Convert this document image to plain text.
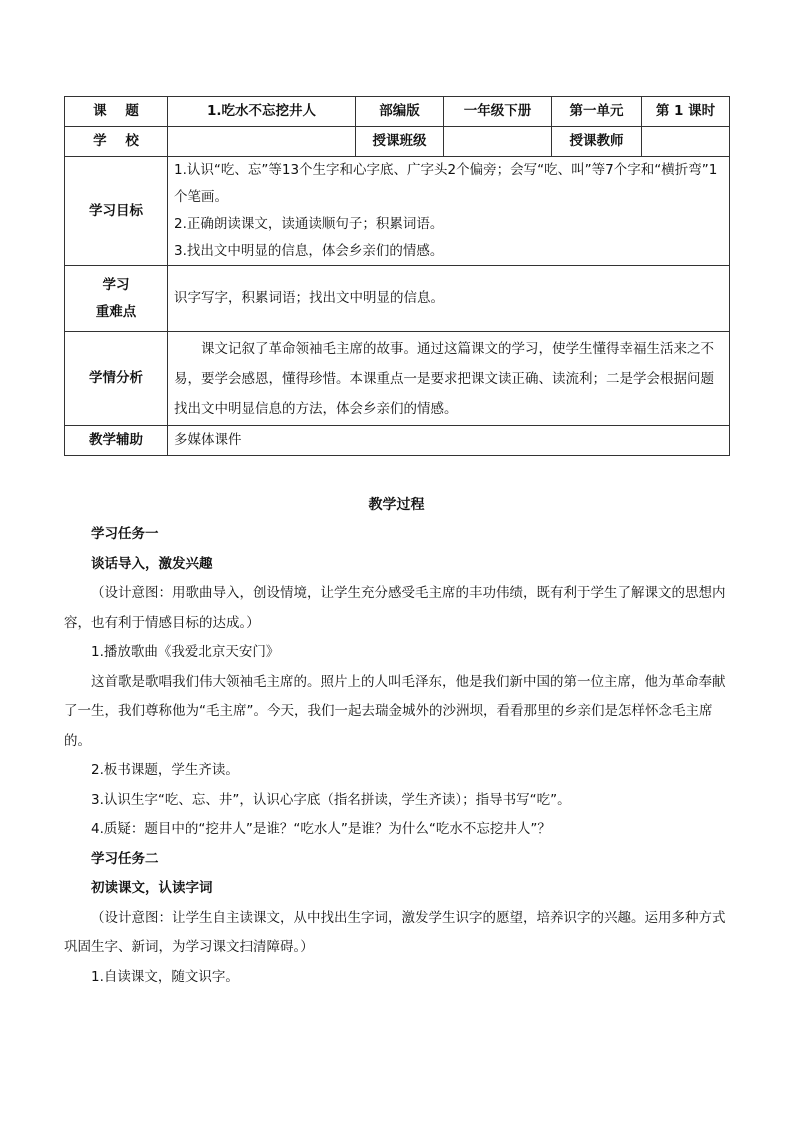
课    题	1.吃水不忘挖井人	部编版	一年级下册	第一单元	第 1 课时
学    校		授课班级		授课教师	
学习目标	1.认识“吃、忘”等13个生字和心字底、广字头2个偏旁；会写“吃、叫”等7个字和“横折弯”1个笔画。
2.正确朗读课文，读通读顺句子；积累词语。
3.找出文中明显的信息，体会乡亲们的情感。				

学习
重难点	识字写字，积累词语；找出文中明显的信息。				
学情分析	课文记叙了革命领袖毛主席的故事。通过这篇课文的学习，使学生懂得幸福生活来之不易，要学会感恩，懂得珍惜。本课重点一是要求把课文读正确、读流利；二是学会根据问题找出文中明显信息的方法，体会乡亲们的情感。				
教学辅助	多媒体课件				
教学过程

学习任务一

谈话导入，激发兴趣

（设计意图：用歌曲导入，创设情境，让学生充分感受毛主席的丰功伟绩，既有利于学生了解课文的思想内容，也有利于情感目标的达成。）

1.播放歌曲《我爱北京天安门》

这首歌是歌唱我们伟大领袖毛主席的。照片上的人叫毛泽东，他是我们新中国的第一位主席，他为革命奉献了一生，我们尊称他为“毛主席”。今天，我们一起去瑞金城外的沙洲坝，看看那里的乡亲们是怎样怀念毛主席的。

2.板书课题，学生齐读。

3.认识生字“吃、忘、井”，认识心字底（指名拼读，学生齐读）；指导书写“吃”。

4.质疑：题目中的“挖井人”是谁？“吃水人”是谁？为什么“吃水不忘挖井人”？

学习任务二

初读课文，认读字词

（设计意图：让学生自主读课文，从中找出生字词，激发学生识字的愿望，培养识字的兴趣。运用多种方式巩固生字、新词，为学习课文扫清障碍。）

1.自读课文，随文识字。
